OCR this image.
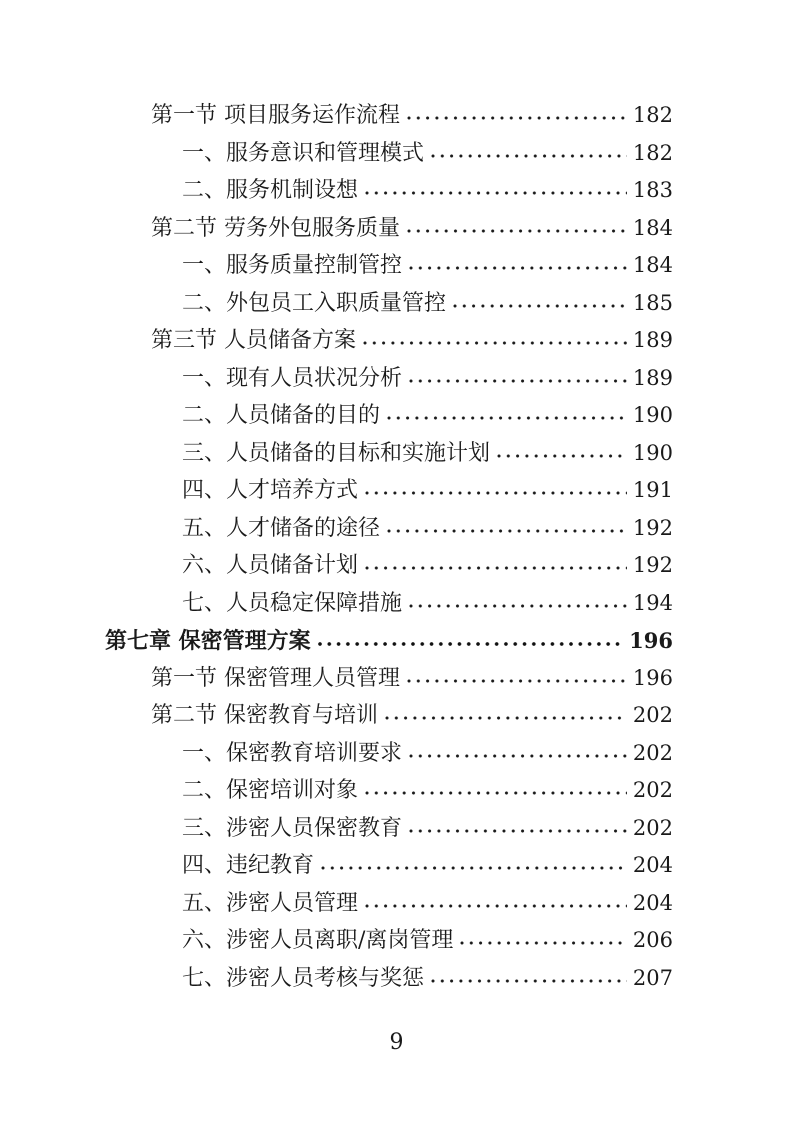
第一节 项目服务运作流程	182
一、服务意识和管理模式	182
二、服务机制设想	183
第二节 劳务外包服务质量	184
一、服务质量控制管控	184
二、外包员工入职质量管控	185
第三节 人员储备方案	189
一、现有人员状况分析	189
二、人员储备的目的	190
三、人员储备的目标和实施计划	190
四、人才培养方式	191
五、人才储备的途径	192
六、人员储备计划	192
七、人员稳定保障措施	194
第七章 保密管理方案	196
第一节 保密管理人员管理	196
第二节 保密教育与培训	202
一、保密教育培训要求	202
二、保密培训对象	202
三、涉密人员保密教育	202
四、违纪教育	204
五、涉密人员管理	204
六、涉密人员离职/离岗管理	206
七、涉密人员考核与奖惩	207
9
